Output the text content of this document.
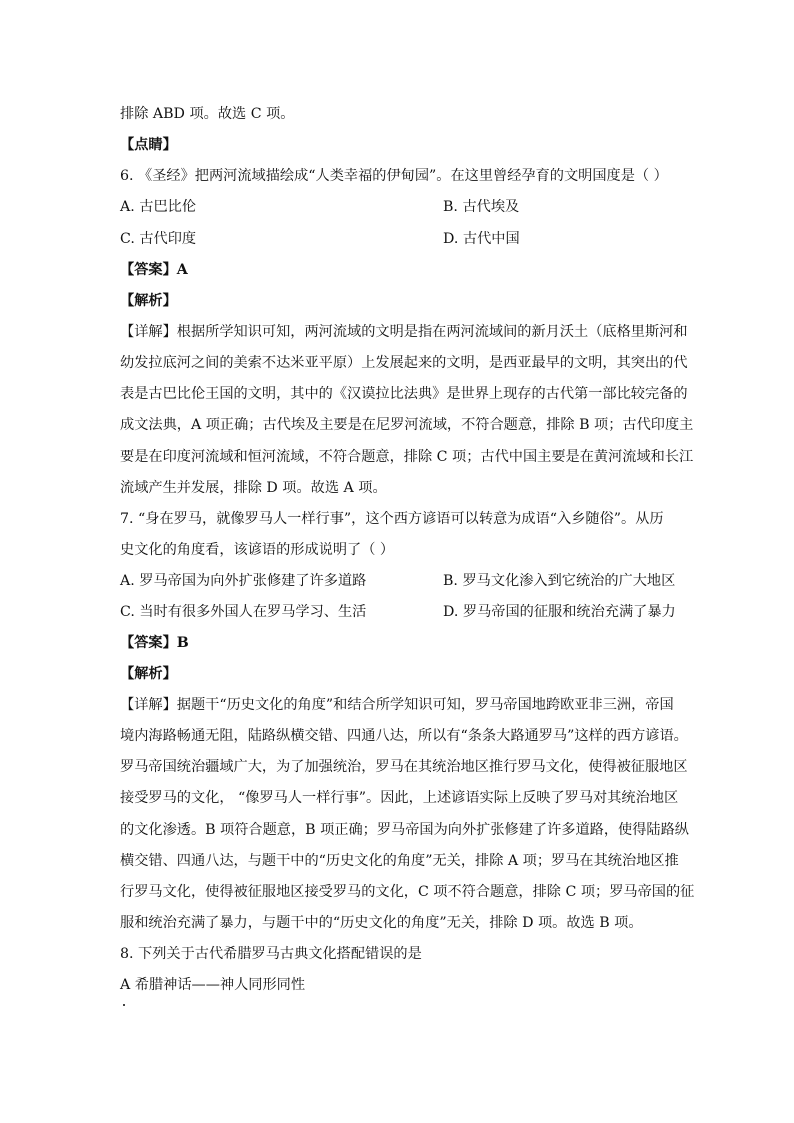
排除 ABD 项。故选 C 项。
【点睛】
6. 《圣经》把两河流域描绘成“人类幸福的伊甸园”。在这里曾经孕育的文明国度是（ ）
A. 古巴比伦	B. 古代埃及
C. 古代印度	D. 古代中国
【答案】A
【解析】
【详解】根据所学知识可知，两河流域的文明是指在两河流域间的新月沃土（底格里斯河和
幼发拉底河之间的美索不达米亚平原）上发展起来的文明，是西亚最早的文明，其突出的代
表是古巴比伦王国的文明，其中的《汉谟拉比法典》是世界上现存的古代第一部比较完备的
成文法典，A 项正确；古代埃及主要是在尼罗河流域，不符合题意，排除 B 项；古代印度主
要是在印度河流域和恒河流域，不符合题意，排除 C 项；古代中国主要是在黄河流域和长江
流域产生并发展，排除 D 项。故选 A 项。
7. “身在罗马，就像罗马人一样行事”，这个西方谚语可以转意为成语“入乡随俗”。从历
史文化的角度看，该谚语的形成说明了（ ）
A. 罗马帝国为向外扩张修建了许多道路	B. 罗马文化渗入到它统治的广大地区
C. 当时有很多外国人在罗马学习、生活	D. 罗马帝国的征服和统治充满了暴力
【答案】B
【解析】
【详解】据题干“历史文化的角度”和结合所学知识可知，罗马帝国地跨欧亚非三洲，帝国
境内海路畅通无阻，陆路纵横交错、四通八达，所以有“条条大路通罗马”这样的西方谚语。
罗马帝国统治疆域广大，为了加强统治，罗马在其统治地区推行罗马文化，使得被征服地区
接受罗马的文化， “像罗马人一样行事”。因此，上述谚语实际上反映了罗马对其统治地区
的文化渗透。B 项符合题意，B 项正确；罗马帝国为向外扩张修建了许多道路，使得陆路纵
横交错、四通八达，与题干中的“历史文化的角度”无关，排除 A 项；罗马在其统治地区推
行罗马文化，使得被征服地区接受罗马的文化，C 项不符合题意，排除 C 项；罗马帝国的征
服和统治充满了暴力，与题干中的“历史文化的角度”无关，排除 D 项。故选 B 项。
8. 下列关于古代希腊罗马古典文化搭配错误的是
A 希腊神话——神人同形同性
